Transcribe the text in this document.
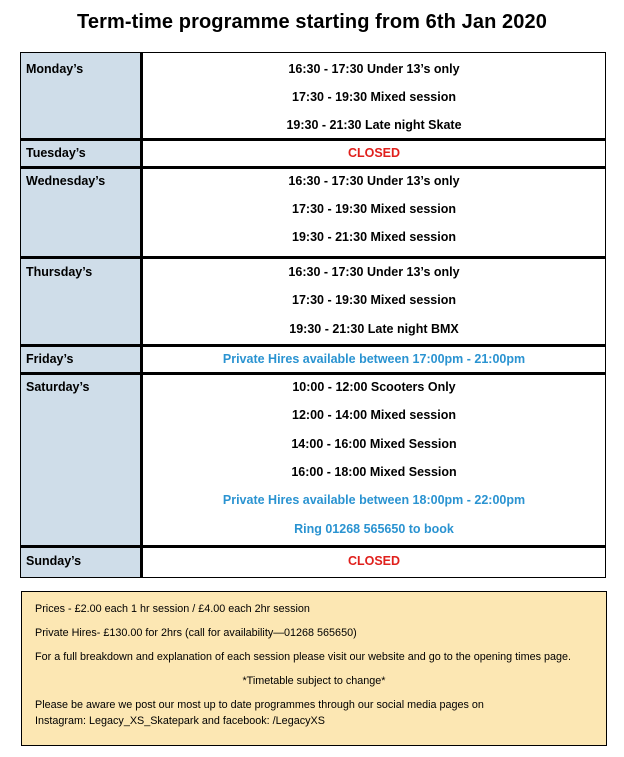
Term-time programme starting from 6th Jan 2020
Monday’s	16:30 - 17:30 Under 13’s only
17:30 - 19:30 Mixed session
19:30 - 21:30 Late night Skate
Tuesday’s	CLOSED
Wednesday’s	16:30 - 17:30 Under 13’s only
17:30 - 19:30 Mixed session
19:30 - 21:30 Mixed session
Thursday’s	16:30 - 17:30 Under 13’s only
17:30 - 19:30 Mixed session
19:30 - 21:30 Late night BMX
Friday’s	Private Hires available between 17:00pm - 21:00pm
Saturday’s	10:00 - 12:00 Scooters Only
12:00 - 14:00 Mixed session
14:00 - 16:00 Mixed Session
16:00 - 18:00 Mixed Session
Private Hires available between 18:00pm - 22:00pm
Ring 01268 565650 to book
Sunday’s	CLOSED
Prices - £2.00 each 1 hr session / £4.00 each 2hr session
Private Hires- £130.00 for 2hrs (call for availability—01268 565650)
For a full breakdown and explanation of each session please visit our website and go to the opening times page.
*Timetable subject to change*
Please be aware we post our most up to date programmes through our social media pages on
Instagram: Legacy_XS_Skatepark and facebook: /LegacyXS
